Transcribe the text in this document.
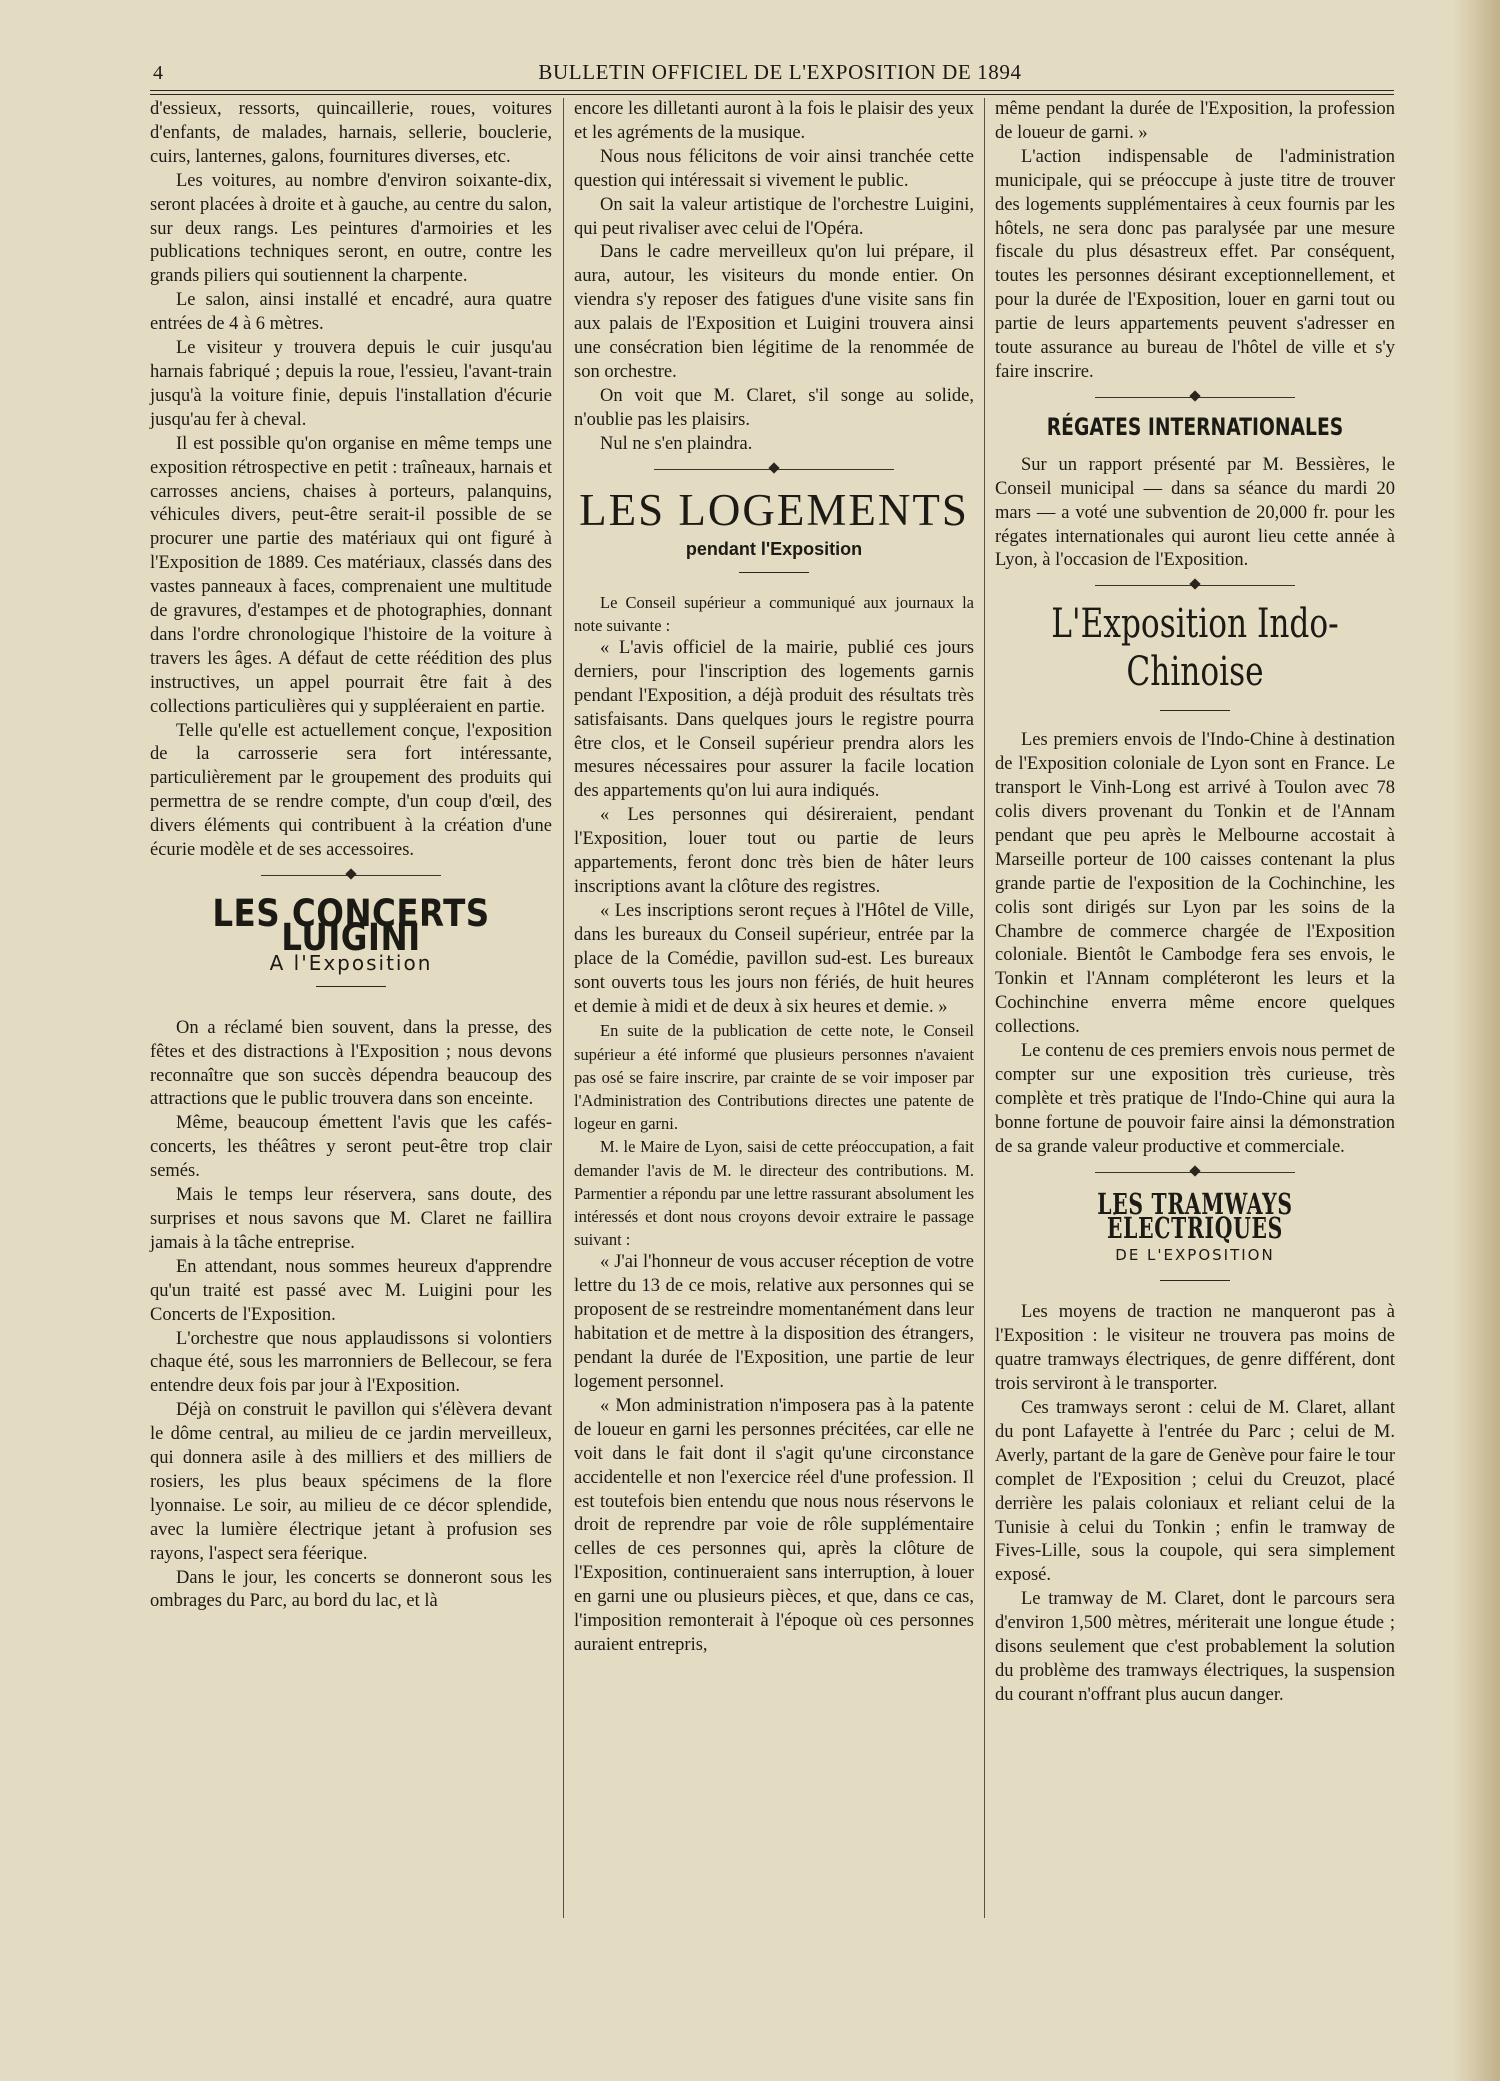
4	BULLETIN OFFICIEL DE L'EXPOSITION DE 1894

d'essieux, ressorts, quincaillerie, roues, voitures d'enfants, de malades, harnais, sellerie, bouclerie, cuirs, lanternes, galons, fournitures diverses, etc.

Les voitures, au nombre d'environ soixante-dix, seront placées à droite et à gauche, au centre du salon, sur deux rangs. Les peintures d'armoiries et les publications techniques seront, en outre, contre les grands piliers qui soutiennent la charpente.

Le salon, ainsi installé et encadré, aura quatre entrées de 4 à 6 mètres.

Le visiteur y trouvera depuis le cuir jusqu'au harnais fabriqué ; depuis la roue, l'essieu, l'avant-train jusqu'à la voiture finie, depuis l'installation d'écurie jusqu'au fer à cheval.

Il est possible qu'on organise en même temps une exposition rétrospective en petit : traîneaux, harnais et carrosses anciens, chaises à porteurs, palanquins, véhicules divers, peut-être serait-il possible de se procurer une partie des matériaux qui ont figuré à l'Exposition de 1889. Ces matériaux, classés dans des vastes panneaux à faces, comprenaient une multitude de gravures, d'estampes et de photographies, donnant dans l'ordre chronologique l'histoire de la voiture à travers les âges. A défaut de cette réédition des plus instructives, un appel pourrait être fait à des collections particulières qui y suppléeraient en partie.

Telle qu'elle est actuellement conçue, l'exposition de la carrosserie sera fort intéressante, particulièrement par le groupement des produits qui permettra de se rendre compte, d'un coup d'œil, des divers éléments qui contribuent à la création d'une écurie modèle et de ses accessoires.

LES CONCERTS LUIGINI
A l'Exposition

On a réclamé bien souvent, dans la presse, des fêtes et des distractions à l'Exposition ; nous devons reconnaître que son succès dépendra beaucoup des attractions que le public trouvera dans son enceinte.

Même, beaucoup émettent l'avis que les cafés-concerts, les théâtres y seront peut-être trop clair semés.

Mais le temps leur réservera, sans doute, des surprises et nous savons que M. Claret ne faillira jamais à la tâche entreprise.

En attendant, nous sommes heureux d'apprendre qu'un traité est passé avec M. Luigini pour les Concerts de l'Exposition.

L'orchestre que nous applaudissons si volontiers chaque été, sous les marronniers de Bellecour, se fera entendre deux fois par jour à l'Exposition.

Déjà on construit le pavillon qui s'élèvera devant le dôme central, au milieu de ce jardin merveilleux, qui donnera asile à des milliers et des milliers de rosiers, les plus beaux spécimens de la flore lyonnaise. Le soir, au milieu de ce décor splendide, avec la lumière électrique jetant à profusion ses rayons, l'aspect sera féerique.

Dans le jour, les concerts se donneront sous les ombrages du Parc, au bord du lac, et là

encore les dilletanti auront à la fois le plaisir des yeux et les agréments de la musique.

Nous nous félicitons de voir ainsi tranchée cette question qui intéressait si vivement le public.

On sait la valeur artistique de l'orchestre Luigini, qui peut rivaliser avec celui de l'Opéra.

Dans le cadre merveilleux qu'on lui prépare, il aura, autour, les visiteurs du monde entier. On viendra s'y reposer des fatigues d'une visite sans fin aux palais de l'Exposition et Luigini trouvera ainsi une consécration bien légitime de la renommée de son orchestre.

On voit que M. Claret, s'il songe au solide, n'oublie pas les plaisirs.

Nul ne s'en plaindra.

LES LOGEMENTS
pendant l'Exposition

Le Conseil supérieur a communiqué aux journaux la note suivante :

« L'avis officiel de la mairie, publié ces jours derniers, pour l'inscription des logements garnis pendant l'Exposition, a déjà produit des résultats très satisfaisants. Dans quelques jours le registre pourra être clos, et le Conseil supérieur prendra alors les mesures nécessaires pour assurer la facile location des appartements qu'on lui aura indiqués.

« Les personnes qui désireraient, pendant l'Exposition, louer tout ou partie de leurs appartements, feront donc très bien de hâter leurs inscriptions avant la clôture des registres.

« Les inscriptions seront reçues à l'Hôtel de Ville, dans les bureaux du Conseil supérieur, entrée par la place de la Comédie, pavillon sud-est. Les bureaux sont ouverts tous les jours non fériés, de huit heures et demie à midi et de deux à six heures et demie. »

En suite de la publication de cette note, le Conseil supérieur a été informé que plusieurs personnes n'avaient pas osé se faire inscrire, par crainte de se voir imposer par l'Administration des Contributions directes une patente de logeur en garni.

M. le Maire de Lyon, saisi de cette préoccupation, a fait demander l'avis de M. le directeur des contributions. M. Parmentier a répondu par une lettre rassurant absolument les intéressés et dont nous croyons devoir extraire le passage suivant :

« J'ai l'honneur de vous accuser réception de votre lettre du 13 de ce mois, relative aux personnes qui se proposent de se restreindre momentanément dans leur habitation et de mettre à la disposition des étrangers, pendant la durée de l'Exposition, une partie de leur logement personnel.

« Mon administration n'imposera pas à la patente de loueur en garni les personnes précitées, car elle ne voit dans le fait dont il s'agit qu'une circonstance accidentelle et non l'exercice réel d'une profession. Il est toutefois bien entendu que nous nous réservons le droit de reprendre par voie de rôle supplémentaire celles de ces personnes qui, après la clôture de l'Exposition, continueraient sans interruption, à louer en garni une ou plusieurs pièces, et que, dans ce cas, l'imposition remonterait à l'époque où ces personnes auraient entrepris,

même pendant la durée de l'Exposition, la profession de loueur de garni. »

L'action indispensable de l'administration municipale, qui se préoccupe à juste titre de trouver des logements supplémentaires à ceux fournis par les hôtels, ne sera donc pas paralysée par une mesure fiscale du plus désastreux effet. Par conséquent, toutes les personnes désirant exceptionnellement, et pour la durée de l'Exposition, louer en garni tout ou partie de leurs appartements peuvent s'adresser en toute assurance au bureau de l'hôtel de ville et s'y faire inscrire.

RÉGATES INTERNATIONALES

Sur un rapport présenté par M. Bessières, le Conseil municipal — dans sa séance du mardi 20 mars — a voté une subvention de 20,000 fr. pour les régates internationales qui auront lieu cette année à Lyon, à l'occasion de l'Exposition.

L'Exposition Indo-Chinoise

Les premiers envois de l'Indo-Chine à destination de l'Exposition coloniale de Lyon sont en France. Le transport le Vinh-Long est arrivé à Toulon avec 78 colis divers provenant du Tonkin et de l'Annam pendant que peu après le Melbourne accostait à Marseille porteur de 100 caisses contenant la plus grande partie de l'exposition de la Cochinchine, les colis sont dirigés sur Lyon par les soins de la Chambre de commerce chargée de l'Exposition coloniale. Bientôt le Cambodge fera ses envois, le Tonkin et l'Annam compléteront les leurs et la Cochinchine enverra même encore quelques collections.

Le contenu de ces premiers envois nous permet de compter sur une exposition très curieuse, très complète et très pratique de l'Indo-Chine qui aura la bonne fortune de pouvoir faire ainsi la démonstration de sa grande valeur productive et commerciale.

LES TRAMWAYS ÉLECTRIQUES
DE L'EXPOSITION

Les moyens de traction ne manqueront pas à l'Exposition : le visiteur ne trouvera pas moins de quatre tramways électriques, de genre différent, dont trois serviront à le transporter.

Ces tramways seront : celui de M. Claret, allant du pont Lafayette à l'entrée du Parc ; celui de M. Averly, partant de la gare de Genève pour faire le tour complet de l'Exposition ; celui du Creuzot, placé derrière les palais coloniaux et reliant celui de la Tunisie à celui du Tonkin ; enfin le tramway de Fives-Lille, sous la coupole, qui sera simplement exposé.

Le tramway de M. Claret, dont le parcours sera d'environ 1,500 mètres, mériterait une longue étude ; disons seulement que c'est probablement la solution du problème des tramways électriques, la suspension du courant n'offrant plus aucun danger.
